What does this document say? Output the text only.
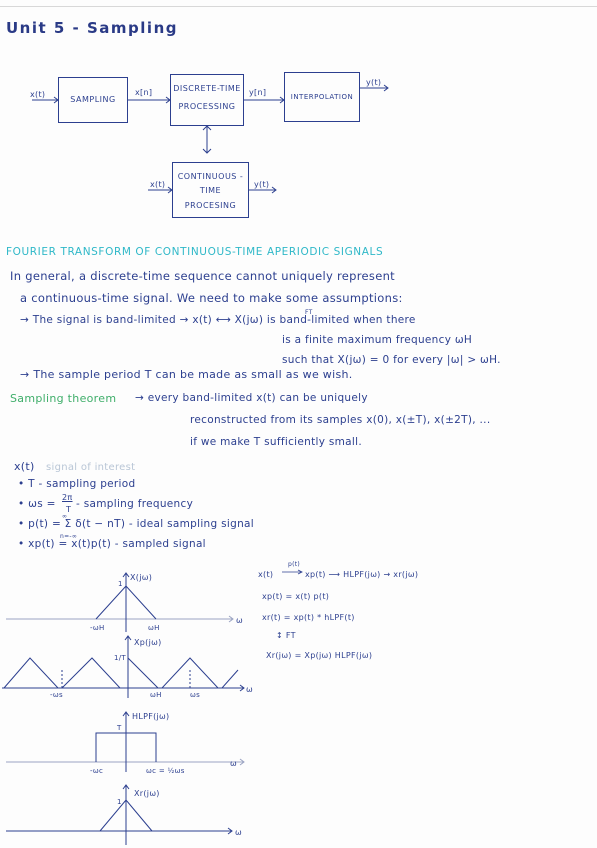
Unit 5 - Sampling
x(t)
SAMPLING
x[n]	DISCRETE-TIME
PROCESSING
y[n]	INTERPOLATION
y(t)
x(t)
CONTINUOUS -
TIME
PROCESING
y(t)
FOURIER TRANSFORM OF CONTINUOUS-TIME APERIODIC SIGNALS
In general, a discrete-time sequence cannot uniquely represent
a continuous-time signal. We need to make some assumptions:
→ The signal is band-limited → x(t) ⟷ X(jω) is band-limited when there
FT
is a finite maximum frequency ωH
such that X(jω) = 0 for every |ω| > ωH.
→ The sample period T can be made as small as we wish.
Sampling theorem → every band-limited x(t) can be uniquely
reconstructed from its samples x(0), x(±T), x(±2T), ...
if we make T sufficiently small.
x(t) signal of interest
• T - sampling period
• ωs =
2π
T - sampling frequency
∞
• p(t) = Σ δ(t − nT) - ideal sampling signal
n=-∞
• xp(t) = x(t)p(t) - sampled signal
x(t)
p(t)
xp(t) ⟶ HLPF(jω) → xr(jω)
xp(t) = x(t) p(t)
xr(t) = xp(t) * hLPF(t)
↕ FT
Xr(jω) = Xp(jω) HLPF(jω)
X(jω)
1
-ωH	ωH
ω
Xp(jω)
1/T
-ωs	ωH	ωs
ω
HLPF(jω)
T
-ωc	ωc = ½ωs
ω
Xr(jω)
1
ω
